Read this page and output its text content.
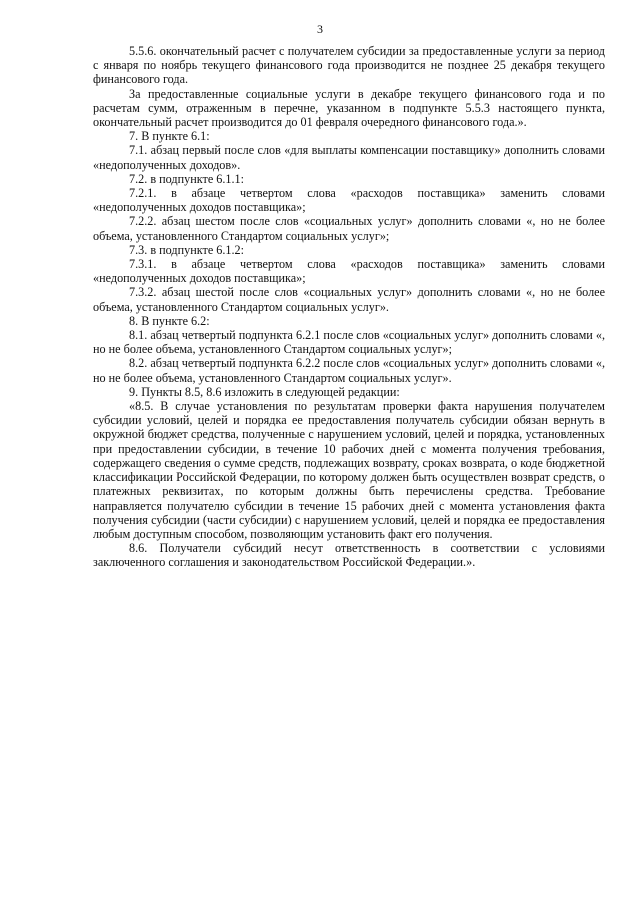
3

5.5.6. окончательный расчет с получателем субсидии за предоставленные услуги за период с января по ноябрь текущего финансового года производится не позднее 25 декабря текущего финансового года.

За предоставленные социальные услуги в декабре текущего финансового года и по расчетам сумм, отраженным в перечне, указанном в подпункте 5.5.3 настоящего пункта, окончательный расчет производится до 01 февраля очередного финансового года.».

7. В пункте 6.1:

7.1. абзац первый после слов «для выплаты компенсации поставщику» дополнить словами «недополученных доходов».

7.2. в подпункте 6.1.1:

7.2.1. в абзаце четвертом слова «расходов поставщика» заменить словами «недополученных доходов поставщика»;

7.2.2. абзац шестом после слов «социальных услуг» дополнить словами «, но не более объема, установленного Стандартом социальных услуг»;

7.3. в подпункте 6.1.2:

7.3.1. в абзаце четвертом слова «расходов поставщика» заменить словами «недополученных доходов поставщика»;

7.3.2. абзац шестой после слов «социальных услуг» дополнить словами «, но не более объема, установленного Стандартом социальных услуг».

8. В пункте 6.2:

8.1. абзац четвертый подпункта 6.2.1 после слов «социальных услуг» дополнить словами «, но не более объема, установленного Стандартом социальных услуг»;

8.2. абзац четвертый подпункта 6.2.2 после слов «социальных услуг» дополнить словами «, но не более объема, установленного Стандартом социальных услуг».

9. Пункты 8.5, 8.6 изложить в следующей редакции:

«8.5. В случае установления по результатам проверки факта нарушения получателем субсидии условий, целей и порядка ее предоставления получатель субсидии обязан вернуть в окружной бюджет средства, полученные с нарушением условий, целей и порядка, установленных при предоставлении субсидии, в течение 10 рабочих дней с момента получения требования, содержащего сведения о сумме средств, подлежащих возврату, сроках возврата, о коде бюджетной классификации Российской Федерации, по которому должен быть осуществлен возврат средств, о платежных реквизитах, по которым должны быть перечислены средства. Требование направляется получателю субсидии в течение 15 рабочих дней с момента установления факта получения субсидии (части субсидии) с нарушением условий, целей и порядка ее предоставления любым доступным способом, позволяющим установить факт его получения.

8.6. Получатели субсидий несут ответственность в соответствии с условиями заключенного соглашения и законодательством Российской Федерации.».
